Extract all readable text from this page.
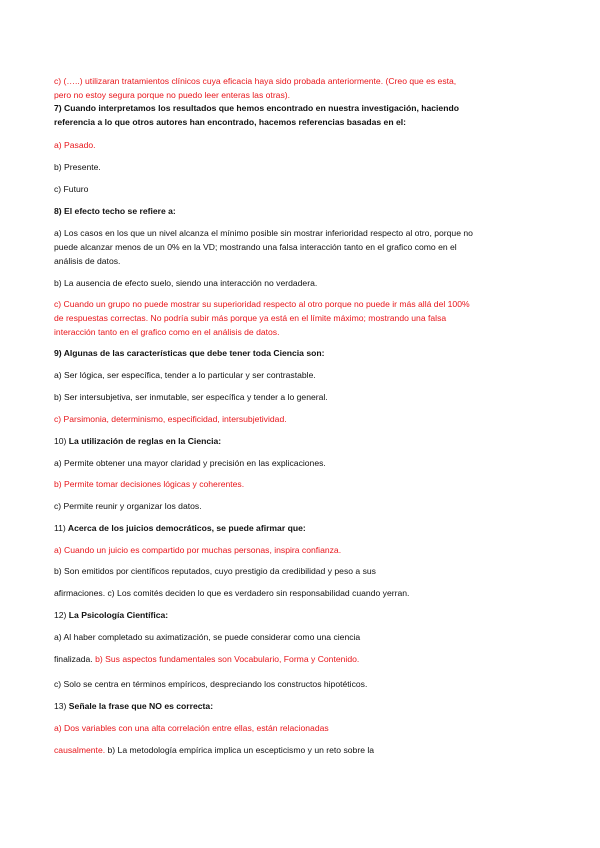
c) (…..) utilizaran tratamientos clínicos cuya eficacia haya sido probada anteriormente. (Creo que es esta,
pero no estoy segura porque no puedo leer enteras las otras).
7) Cuando interpretamos los resultados que hemos encontrado en nuestra investigación, haciendo
referencia a lo que otros autores han encontrado, hacemos referencias basadas en el:
a) Pasado.
b) Presente.
c) Futuro
8) El efecto techo se refiere a:
a) Los casos en los que un nivel alcanza el mínimo posible sin mostrar inferioridad respecto al otro, porque no
puede alcanzar menos de un 0% en la VD; mostrando una falsa interacción tanto en el grafico como en el
análisis de datos.
b) La ausencia de efecto suelo, siendo una interacción no verdadera.
c) Cuando un grupo no puede mostrar su superioridad respecto al otro porque no puede ir más allá del 100%
de respuestas correctas. No podría subir más porque ya está en el límite máximo; mostrando una falsa
interacción tanto en el grafico como en el análisis de datos.
9) Algunas de las características que debe tener toda Ciencia son:
a) Ser lógica, ser específica, tender a lo particular y ser contrastable.
b) Ser intersubjetiva, ser inmutable, ser específica y tender a lo general.
c) Parsimonia, determinismo, especificidad, intersubjetividad.
10) La utilización de reglas en la Ciencia:
a) Permite obtener una mayor claridad y precisión en las explicaciones.
b) Permite tomar decisiones lógicas y coherentes.
c) Permite reunir y organizar los datos.
11) Acerca de los juicios democráticos, se puede afirmar que:
a) Cuando un juicio es compartido por muchas personas, inspira confianza.
b) Son emitidos por científicos reputados, cuyo prestigio da credibilidad y peso a sus
afirmaciones. c) Los comités deciden lo que es verdadero sin responsabilidad cuando yerran.
12) La Psicología Científica:
a) Al haber completado su aximatización, se puede considerar como una ciencia
finalizada. b) Sus aspectos fundamentales son Vocabulario, Forma y Contenido.
c) Solo se centra en términos empíricos, despreciando los constructos hipotéticos.
13) Señale la frase que NO es correcta:
a) Dos variables con una alta correlación entre ellas, están relacionadas
causalmente. b) La metodología empírica implica un escepticismo y un reto sobre la
